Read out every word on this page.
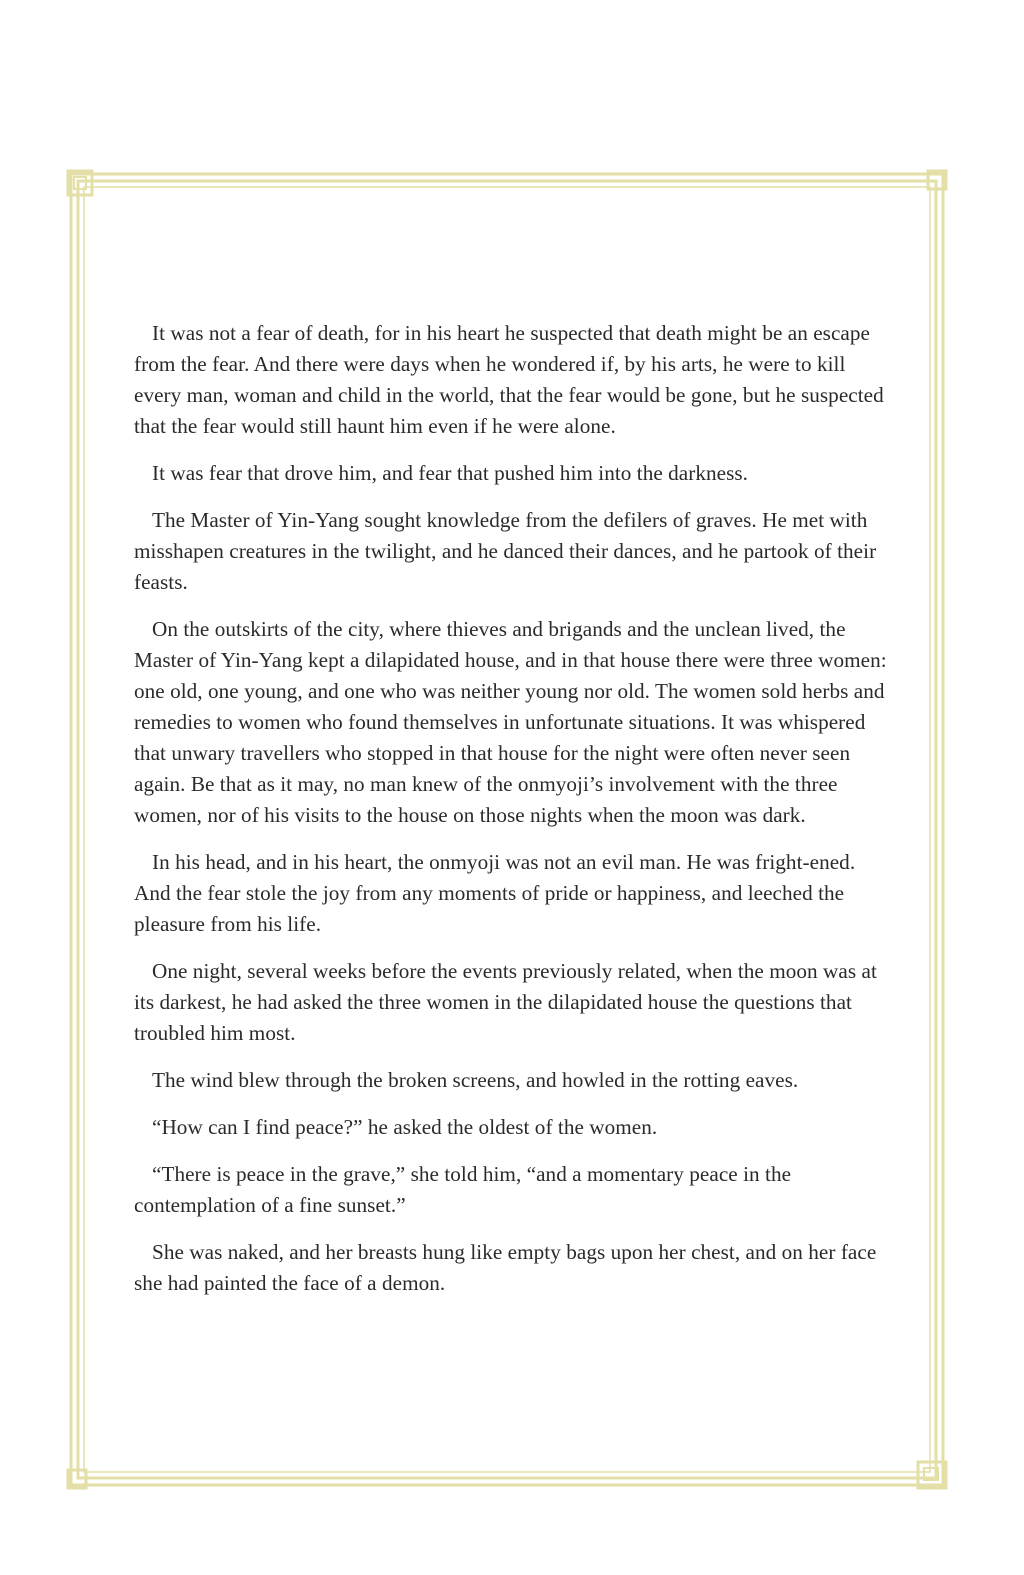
It was not a fear of death, for in his heart he suspected that death might be an escape from the fear. And there were days when he wondered if, by his arts, he were to kill every man, woman and child in the world, that the fear would be gone, but he suspected that the fear would still haunt him even if he were alone.

It was fear that drove him, and fear that pushed him into the darkness.

The Master of Yin-Yang sought knowledge from the defilers of graves. He met with misshapen creatures in the twilight, and he danced their dances, and he partook of their feasts.

On the outskirts of the city, where thieves and brigands and the unclean lived, the Master of Yin-Yang kept a dilapidated house, and in that house there were three women: one old, one young, and one who was neither young nor old. The women sold herbs and remedies to women who found themselves in unfortunate situations. It was whispered that unwary travellers who stopped in that house for the night were often never seen again. Be that as it may, no man knew of the onmyoji’s involvement with the three women, nor of his visits to the house on those nights when the moon was dark.

In his head, and in his heart, the onmyoji was not an evil man. He was fright-ened. And the fear stole the joy from any moments of pride or happiness, and leeched the pleasure from his life.

One night, several weeks before the events previously related, when the moon was at its darkest, he had asked the three women in the dilapidated house the questions that troubled him most.

The wind blew through the broken screens, and howled in the rotting eaves.

“How can I find peace?” he asked the oldest of the women.

“There is peace in the grave,” she told him, “and a momentary peace in the contemplation of a fine sunset.”

She was naked, and her breasts hung like empty bags upon her chest, and on her face she had painted the face of a demon.
